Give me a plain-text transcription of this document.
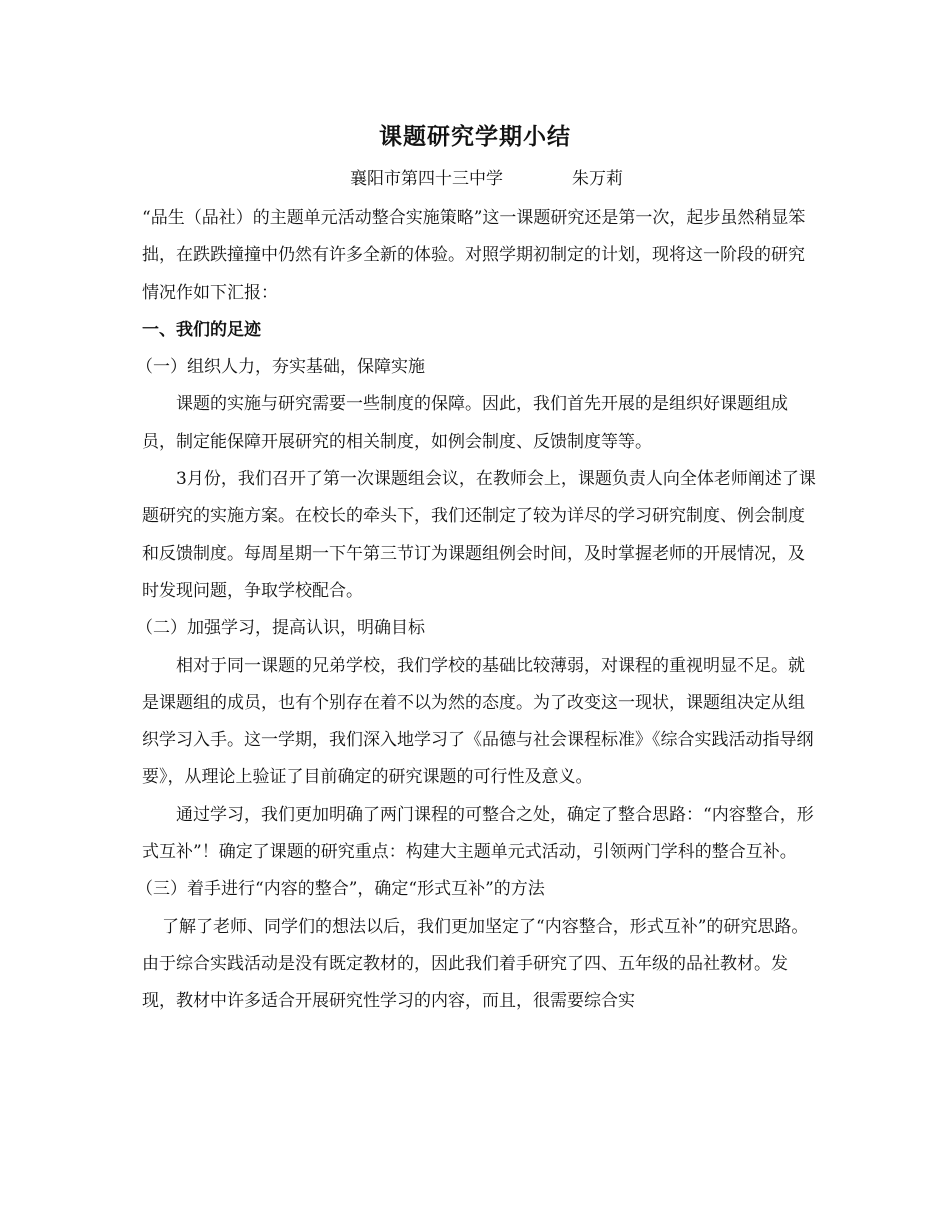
课题研究学期小结
襄阳市第四十三中学	朱万莉

“品生（品社）的主题单元活动整合实施策略”这一课题研究还是第一次，起步虽然稍显笨拙，在跌跌撞撞中仍然有许多全新的体验。对照学期初制定的计划，现将这一阶段的研究情况作如下汇报：

一、我们的足迹

（一）组织人力，夯实基础，保障实施

课题的实施与研究需要一些制度的保障。因此，我们首先开展的是组织好课题组成员，制定能保障开展研究的相关制度，如例会制度、反馈制度等等。

3月份，我们召开了第一次课题组会议，在教师会上，课题负责人向全体老师阐述了课题研究的实施方案。在校长的牵头下，我们还制定了较为详尽的学习研究制度、例会制度和反馈制度。每周星期一下午第三节订为课题组例会时间，及时掌握老师的开展情况，及时发现问题，争取学校配合。

（二）加强学习，提高认识，明确目标

相对于同一课题的兄弟学校，我们学校的基础比较薄弱，对课程的重视明显不足。就是课题组的成员，也有个别存在着不以为然的态度。为了改变这一现状，课题组决定从组织学习入手。这一学期，我们深入地学习了《品德与社会课程标准》《综合实践活动指导纲要》，从理论上验证了目前确定的研究课题的可行性及意义。

通过学习，我们更加明确了两门课程的可整合之处，确定了整合思路：“内容整合，形式互补”！确定了课题的研究重点：构建大主题单元式活动，引领两门学科的整合互补。

（三）着手进行“内容的整合”，确定“形式互补”的方法

了解了老师、同学们的想法以后，我们更加坚定了“内容整合，形式互补”的研究思路。由于综合实践活动是没有既定教材的，因此我们着手研究了四、五年级的品社教材。发现，教材中许多适合开展研究性学习的内容，而且，很需要综合实
